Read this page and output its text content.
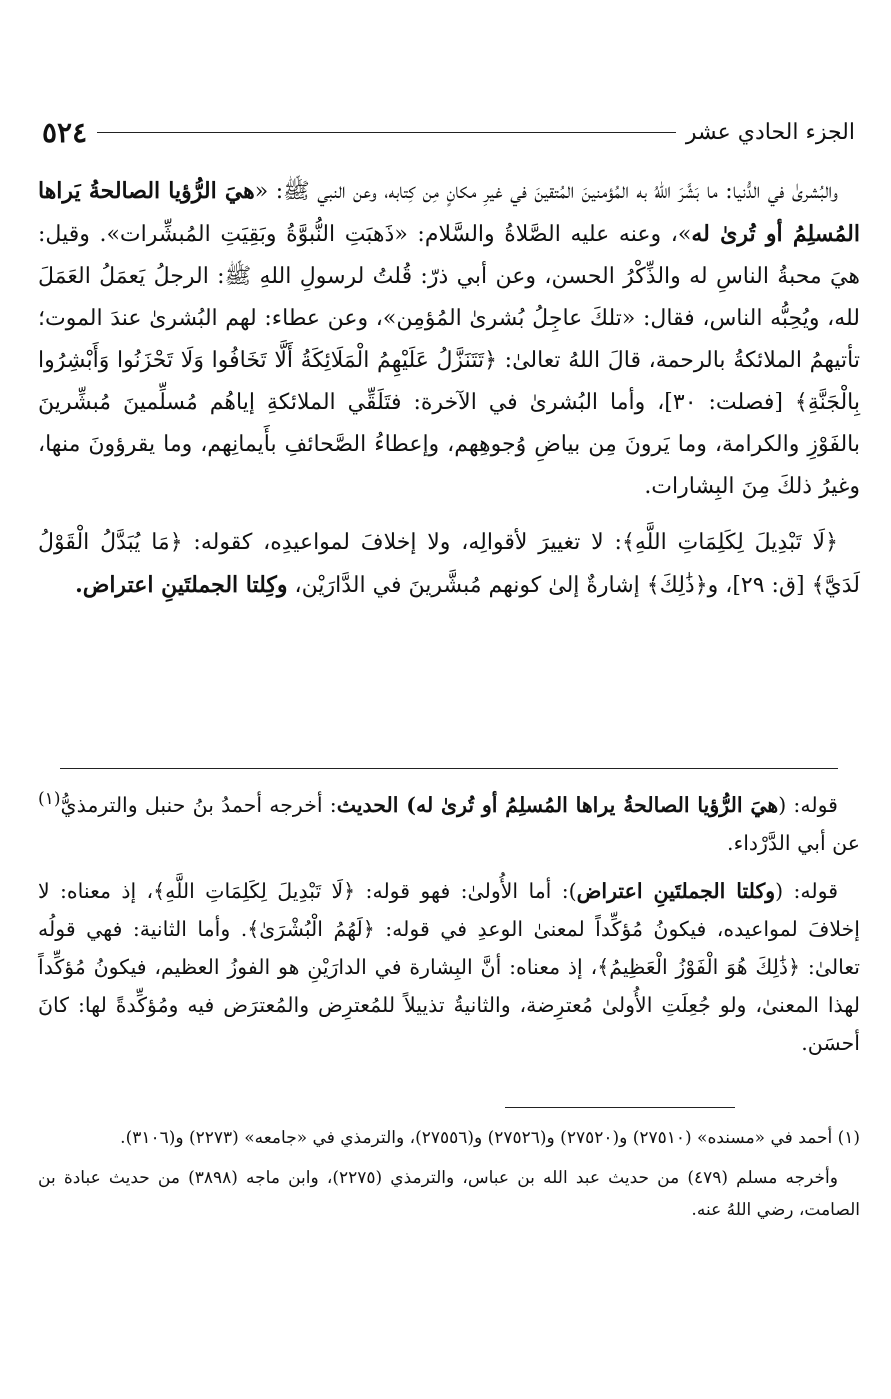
الجزء الحادي عشر
٥٢٤

والبُشرىٰ في الدُّنيا: ما بَشَّرَ اللهُ به المُؤمنينَ المُتقينَ في غيرِ مكانٍ مِن كِتابه، وعن النبي ﷺ: «هيَ الرُّؤيا الصالحةُ يَراها المُسلِمُ أو تُرىٰ له»، وعنه عليه الصَّلاةُ والسَّلام: «ذَهبَتِ النُّبوَّةُ وبَقِيَتِ المُبشِّرات». وقيل: هيَ محبةُ الناسِ له والذِّكْرُ الحسن، وعن أبي ذرّ: قُلتُ لرسولِ اللهِ ﷺ: الرجلُ يَعمَلُ العَمَلَ لله، ويُحِبُّه الناس، فقال: «تلكَ عاجِلُ بُشرىٰ المُؤمِن»، وعن عطاء: لهم البُشرىٰ عندَ الموت؛ تأتيهمُ الملائكةُ بالرحمة، قالَ اللهُ تعالىٰ: ﴿تَتَنَزَّلُ عَلَيْهِمُ الْمَلَائِكَةُ أَلَّا تَخَافُوا وَلَا تَحْزَنُوا وَأَبْشِرُوا بِالْجَنَّةِ﴾ [فصلت: ٣٠]، وأما البُشرىٰ في الآخرة: فتَلَقِّي الملائكةِ إياهُم مُسلِّمينَ مُبشِّرينَ بالفَوْزِ والكرامة، وما يَرونَ مِن بياضِ وُجوهِهم، وإعطاءُ الصَّحائفِ بأَيمانِهم، وما يقرؤونَ منها، وغيرُ ذلكَ مِنَ البِشارات.

﴿لَا تَبْدِيلَ لِكَلِمَاتِ اللَّهِ﴾: لا تغييرَ لأقوالِه، ولا إخلافَ لمواعيدِه، كقوله: ﴿مَا يُبَدَّلُ الْقَوْلُ لَدَيَّ﴾ [ق: ٢٩]، و﴿ذَٰلِكَ﴾ إشارةٌ إلىٰ كونهم مُبشَّرينَ في الدَّارَيْن، وكِلتا الجملتَينِ اعتراض.

قوله: (هيَ الرُّؤيا الصالحةُ يراها المُسلِمُ أو تُرىٰ له) الحديث: أخرجه أحمدُ بنُ حنبل والترمذيُّ$^{(١)}$ عن أبي الدَّرْداء.

قوله: (وكلتا الجملتَينِ اعتراض): أما الأُولىٰ: فهو قوله: ﴿لَا تَبْدِيلَ لِكَلِمَاتِ اللَّهِ﴾، إذ معناه: لا إخلافَ لمواعيده، فيكونُ مُؤكِّداً لمعنىٰ الوعدِ في قوله: ﴿لَهُمُ الْبُشْرَىٰ﴾. وأما الثانية: فهي قولُه تعالىٰ: ﴿ذَٰلِكَ هُوَ الْفَوْزُ الْعَظِيمُ﴾، إذ معناه: أنَّ البِشارة في الدارَيْنِ هو الفوزُ العظيم، فيكونُ مُؤكِّداً لهذا المعنىٰ، ولو جُعِلَتِ الأُولىٰ مُعترِضة، والثانيةُ تذييلاً للمُعترِض والمُعترَض فيه ومُؤكِّدةً لها: كانَ أحسَن.

(١) أحمد في «مسنده» (٢٧٥١٠) و(٢٧٥٢٠) و(٢٧٥٢٦) و(٢٧٥٥٦)، والترمذي في «جامعه» (٢٢٧٣) و(٣١٠٦).

وأخرجه مسلم (٤٧٩) من حديث عبد الله بن عباس، والترمذي (٢٢٧٥)، وابن ماجه (٣٨٩٨) من حديث عبادة بن الصامت، رضي اللهُ عنه.
